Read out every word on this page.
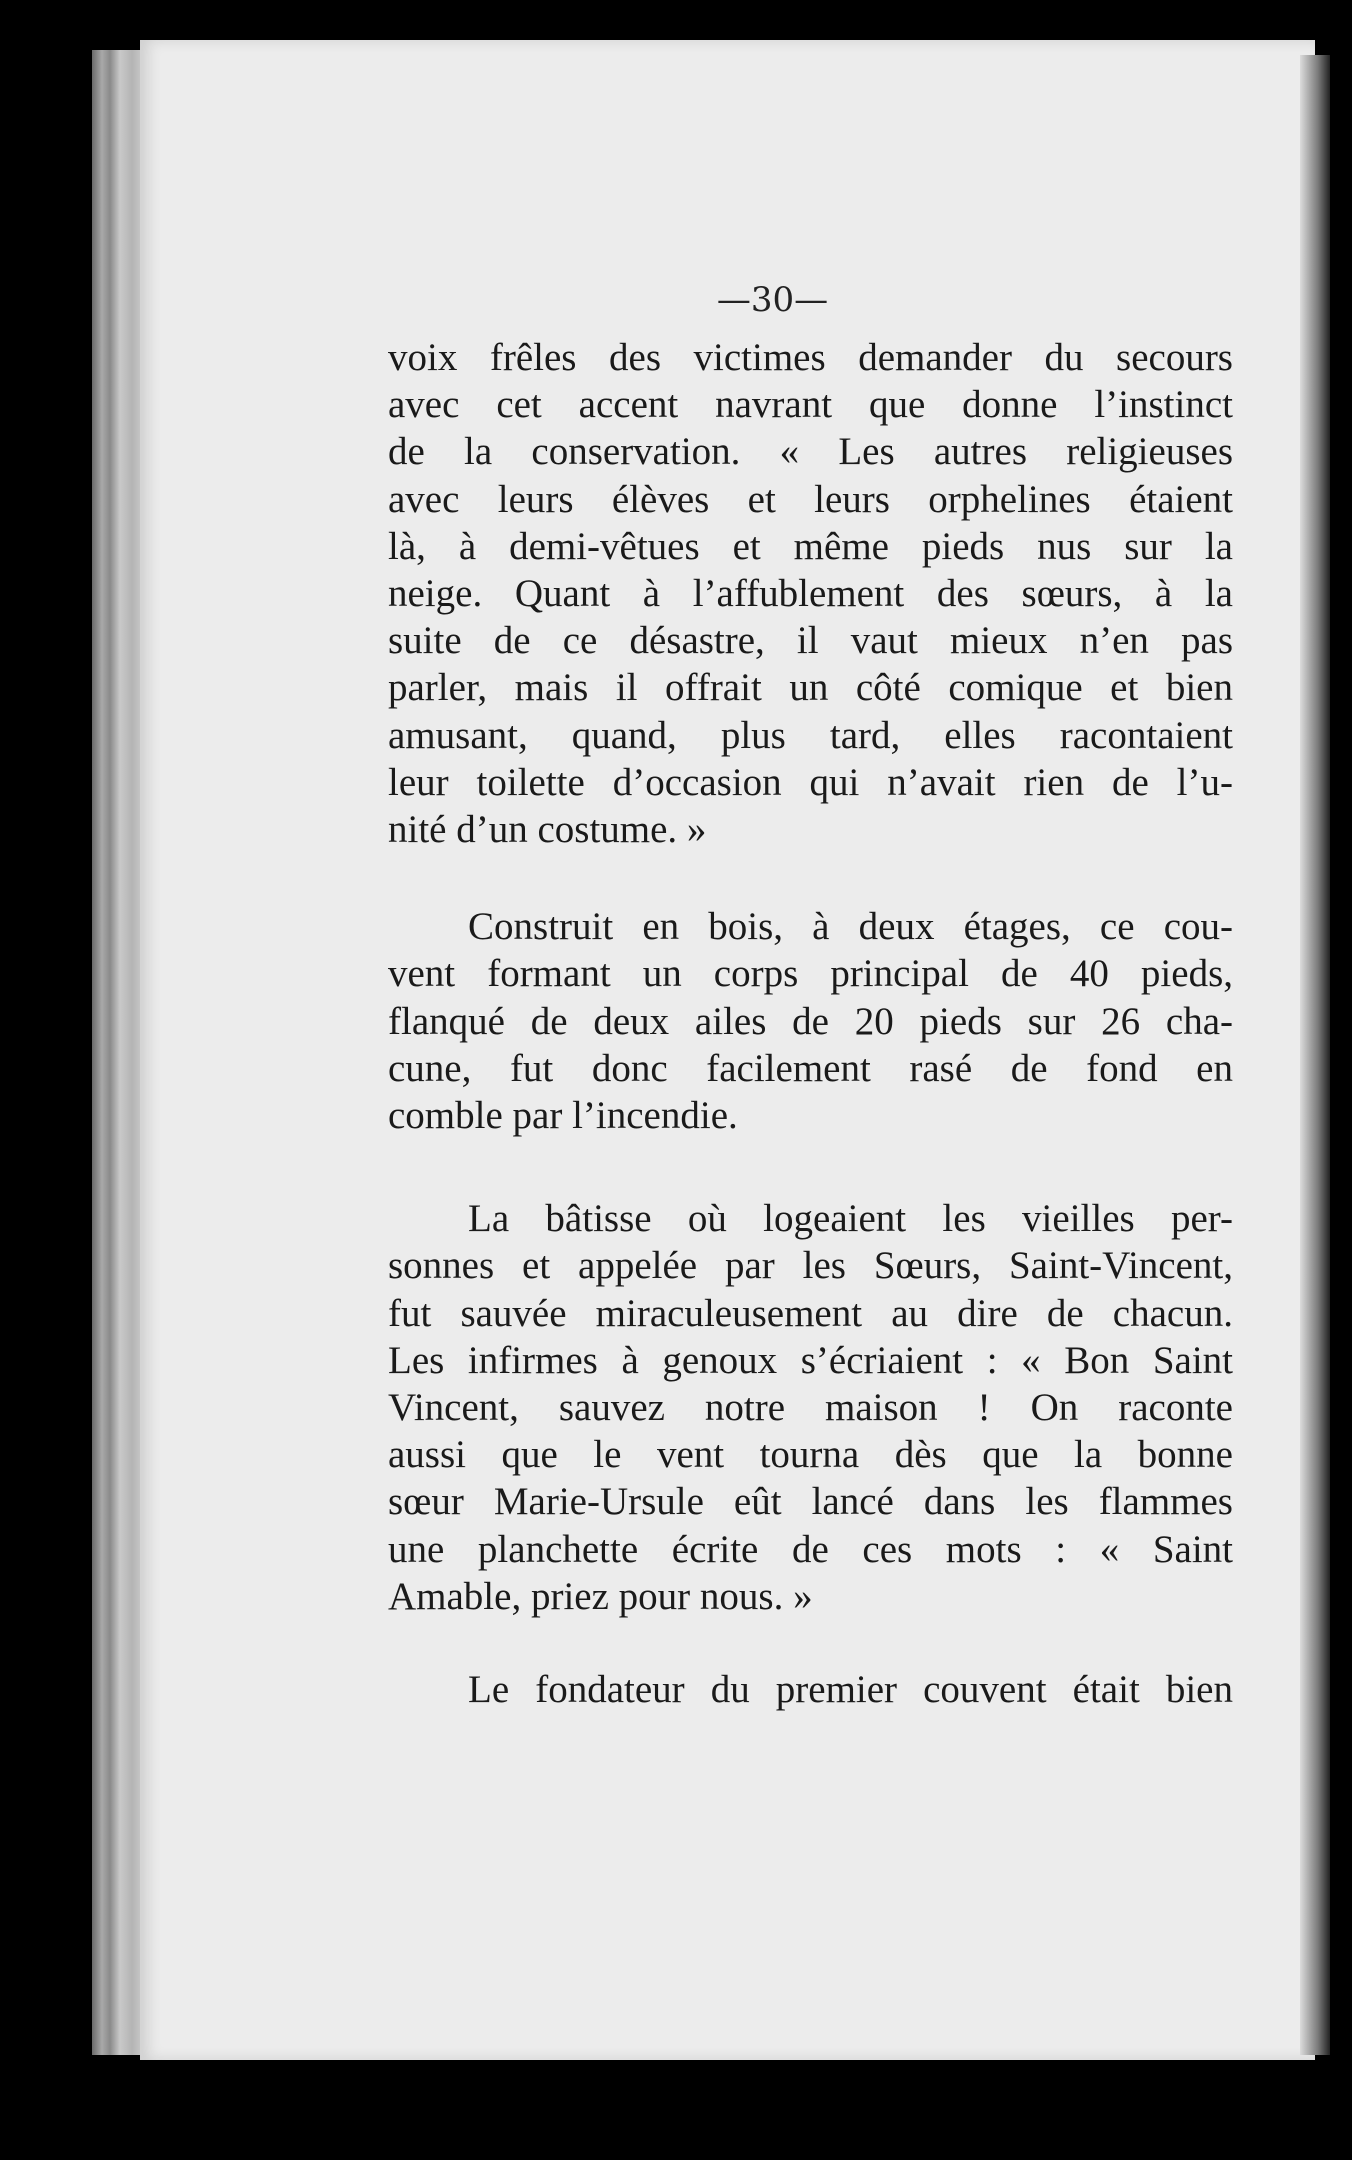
—30—
voix frêles des victimes demander du secours
avec cet accent navrant que donne l’instinct
de la conservation. « Les autres religieuses
avec leurs élèves et leurs orphelines étaient
là, à demi-vêtues et même pieds nus sur la
neige. Quant à l’affublement des sœurs, à la
suite de ce désastre, il vaut mieux n’en pas
parler, mais il offrait un côté comique et bien
amusant, quand, plus tard, elles racontaient
leur toilette d’occasion qui n’avait rien de l’u-
nité d’un costume. »
Construit en bois, à deux étages, ce cou-
vent formant un corps principal de 40 pieds,
flanqué de deux ailes de 20 pieds sur 26 cha-
cune, fut donc facilement rasé de fond en
comble par l’incendie.
La bâtisse où logeaient les vieilles per-
sonnes et appelée par les Sœurs, Saint-Vincent,
fut sauvée miraculeusement au dire de chacun.
Les infirmes à genoux s’écriaient : « Bon Saint
Vincent, sauvez notre maison ! On raconte
aussi que le vent tourna dès que la bonne
sœur Marie-Ursule eût lancé dans les flammes
une planchette écrite de ces mots : « Saint
Amable, priez pour nous. »
Le fondateur du premier couvent était bien
